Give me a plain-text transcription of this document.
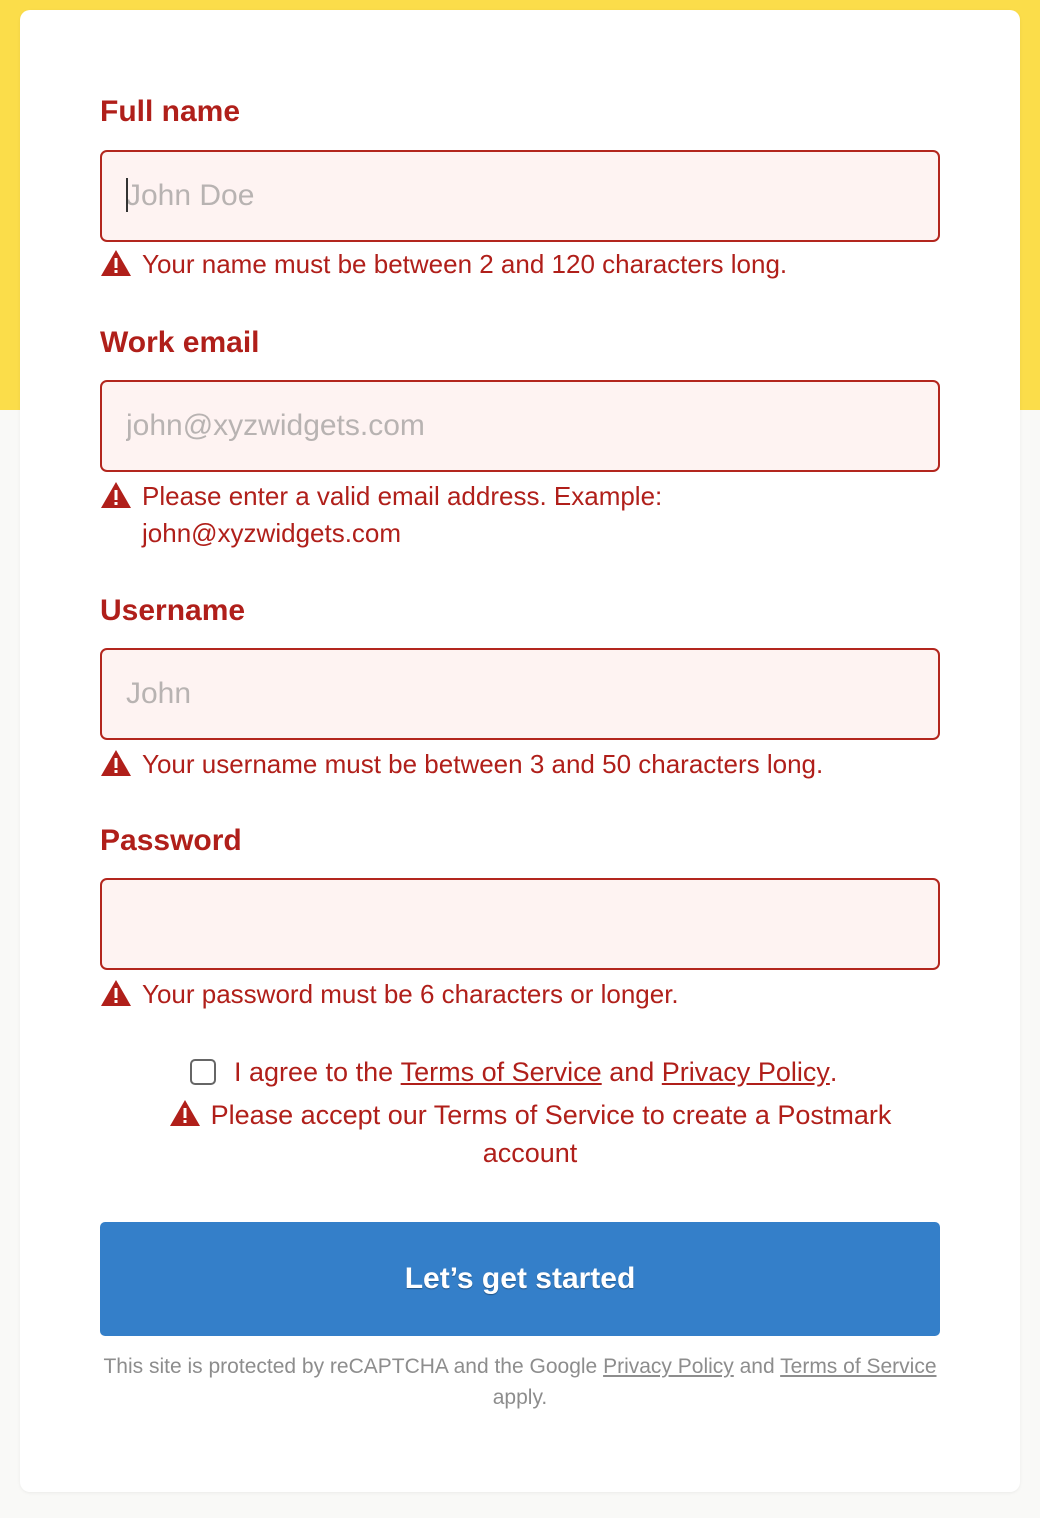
Full name
John Doe
Your name must be between 2 and 120 characters long.
Work email
john@xyzwidgets.com
Please enter a valid email address. Example:
john@xyzwidgets.com
Username
John
Your username must be between 3 and 50 characters long.
Password
Your password must be 6 characters or longer.
I agree to the
Terms of Service
and
Privacy Policy .
Please accept our Terms of Service to create a Postmark account
Let’s get started
This site is protected by reCAPTCHA and the Google Privacy Policy and Terms of Service apply.
